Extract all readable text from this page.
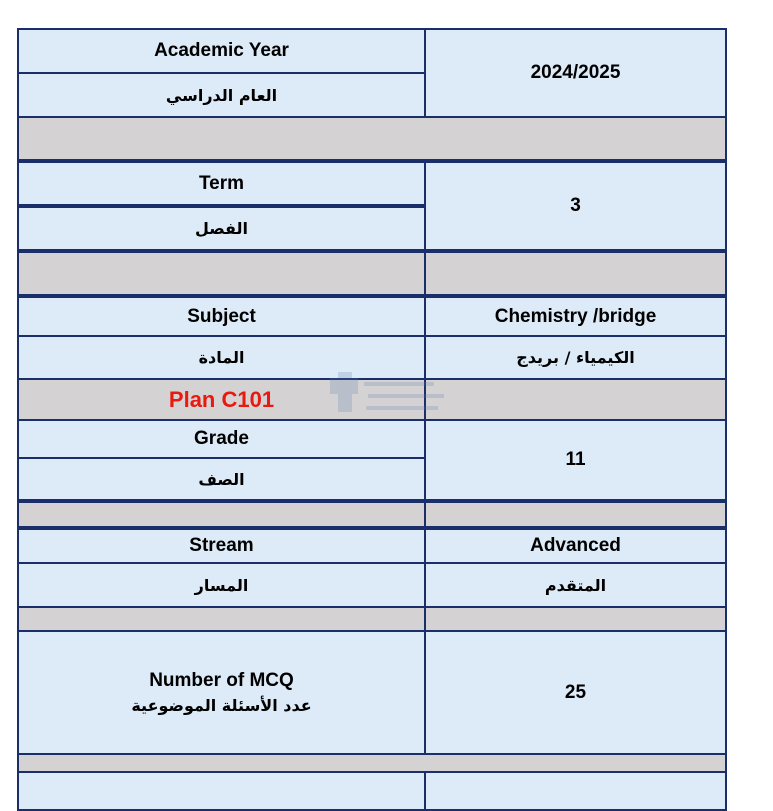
Academic Year
العام الدراسي
2024/2025
Term
الفصل
3
Subject	Chemistry /bridge
المادة	الكيمياء / بريدج
Plan C101
Grade
الصف
11
Stream	Advanced
المسار	المتقدم
Number of MCQ
عدد الأسئلة الموضوعية
25
